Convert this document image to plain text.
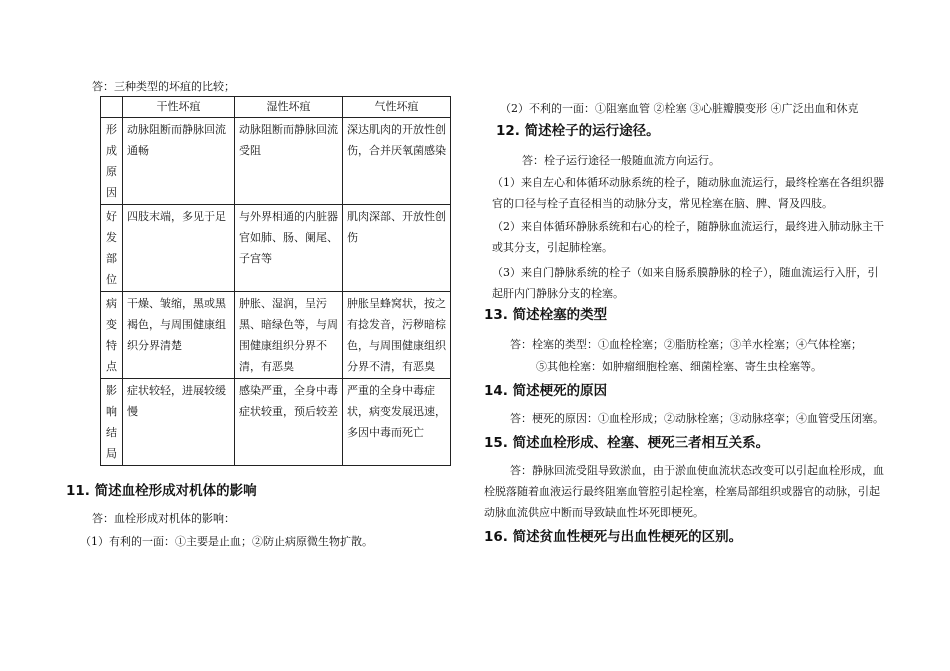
答：三种类型的坏疽的比较；
	干性坏疽	湿性坏疽	气性坏疽

形
成
原
因	动脉阻断而静脉回流通畅	动脉阻断而静脉回流受阻	深达肌肉的开放性创伤，合并厌氧菌感染

好
发
部
位	四肢末端，多见于足	与外界相通的内脏器官如肺、肠、阑尾、子宫等	肌肉深部、开放性创伤

病
变
特
点	干燥、皱缩，黑或黑褐色，与周围健康组织分界清楚	肿胀、湿润，呈污黑、暗绿色等，与周围健康组织分界不清，有恶臭	肿胀呈蜂窝状，按之有捻发音，污秽暗棕色，与周围健康组织分界不清，有恶臭

影
响
结
局	症状较轻，进展较缓慢	感染严重，全身中毒症状较重，预后较差	严重的全身中毒症状，病变发展迅速，多因中毒而死亡
11. 简述血栓形成对机体的影响
答：血栓形成对机体的影响：
（1）有利的一面：①主要是止血；②防止病原微生物扩散。
（2）不利的一面：①阻塞血管 ②栓塞 ③心脏瓣膜变形 ④广泛出血和休克
12. 简述栓子的运行途径。
答：栓子运行途径一般随血流方向运行。
（1）来自左心和体循环动脉系统的栓子，随动脉血流运行，最终栓塞在各组织器官的口径与栓子直径相当的动脉分支，常见栓塞在脑、脾、肾及四肢。
（2）来自体循环静脉系统和右心的栓子，随静脉血流运行，最终进入肺动脉主干或其分支，引起肺栓塞。
（3）来自门静脉系统的栓子（如来自肠系膜静脉的栓子），随血流运行入肝，引起肝内门静脉分支的栓塞。
13. 简述栓塞的类型
答：栓塞的类型：①血栓栓塞；②脂肪栓塞；③羊水栓塞；④气体栓塞；
⑤其他栓塞：如肿瘤细胞栓塞、细菌栓塞、寄生虫栓塞等。
14. 简述梗死的原因
答：梗死的原因：①血栓形成；②动脉栓塞；③动脉痉挛；④血管受压闭塞。
15. 简述血栓形成、栓塞、梗死三者相互关系。
答：静脉回流受阻导致淤血，由于淤血使血流状态改变可以引起血栓形成，血栓脱落随着血液运行最终阻塞血管腔引起栓塞，栓塞局部组织或器官的动脉，引起动脉血流供应中断而导致缺血性坏死即梗死。
16. 简述贫血性梗死与出血性梗死的区别。
